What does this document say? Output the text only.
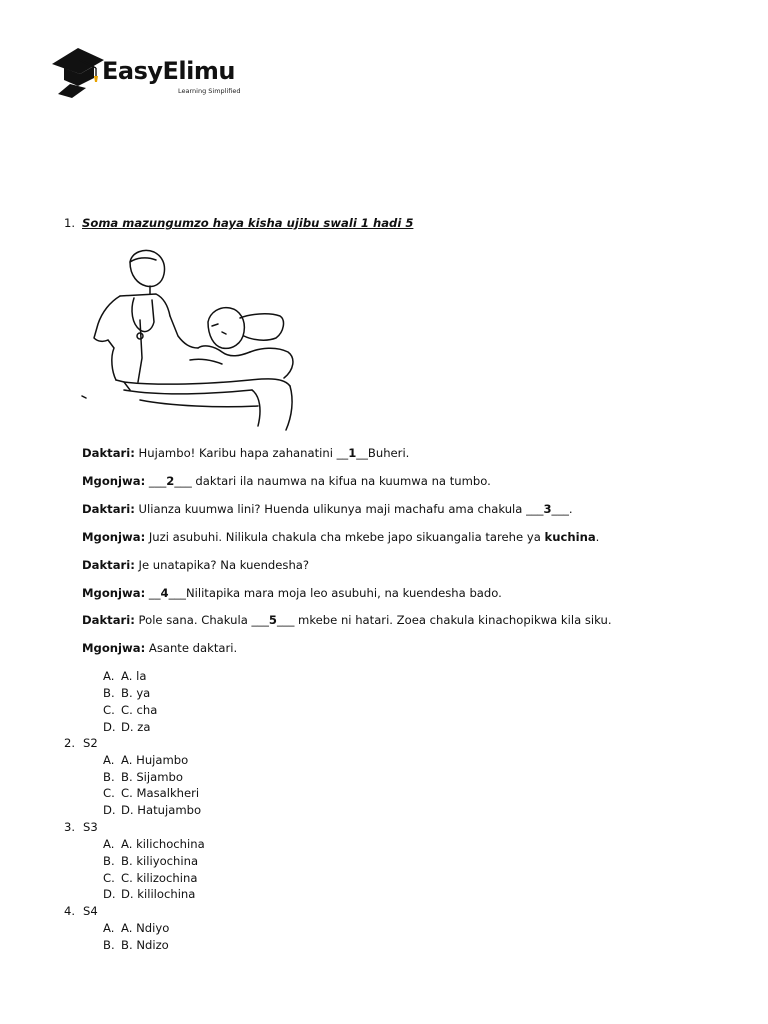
EasyElimu
Learning Simplified
1. Soma mazungumzo haya kisha ujibu swali 1 hadi 5
Daktari: Hujambo! Karibu hapa zahanatini __1__Buheri.
Mgonjwa: ___2___ daktari ila naumwa na kifua na kuumwa na tumbo.
Daktari: Ulianza kuumwa lini? Huenda ulikunya maji machafu ama chakula ___3___.
Mgonjwa: Juzi asubuhi. Nilikula chakula cha mkebe japo sikuangalia tarehe ya kuchina.
Daktari: Je unatapika? Na kuendesha?
Mgonjwa: __4___Nilitapika mara moja leo asubuhi, na kuendesha bado.
Daktari: Pole sana. Chakula ___5___ mkebe ni hatari. Zoea chakula kinachopikwa kila siku.
Mgonjwa: Asante daktari.
A. A. la
B. B. ya
C. C. cha
D. D. za
2. S2
A. A. Hujambo
B. B. Sijambo
C. C. Masalkheri
D. D. Hatujambo
3. S3
A. A. kilichochina
B. B. kiliyochina
C. C. kilizochina
D. D. kililochina
4. S4
A. A. Ndiyo
B. B. Ndizo
